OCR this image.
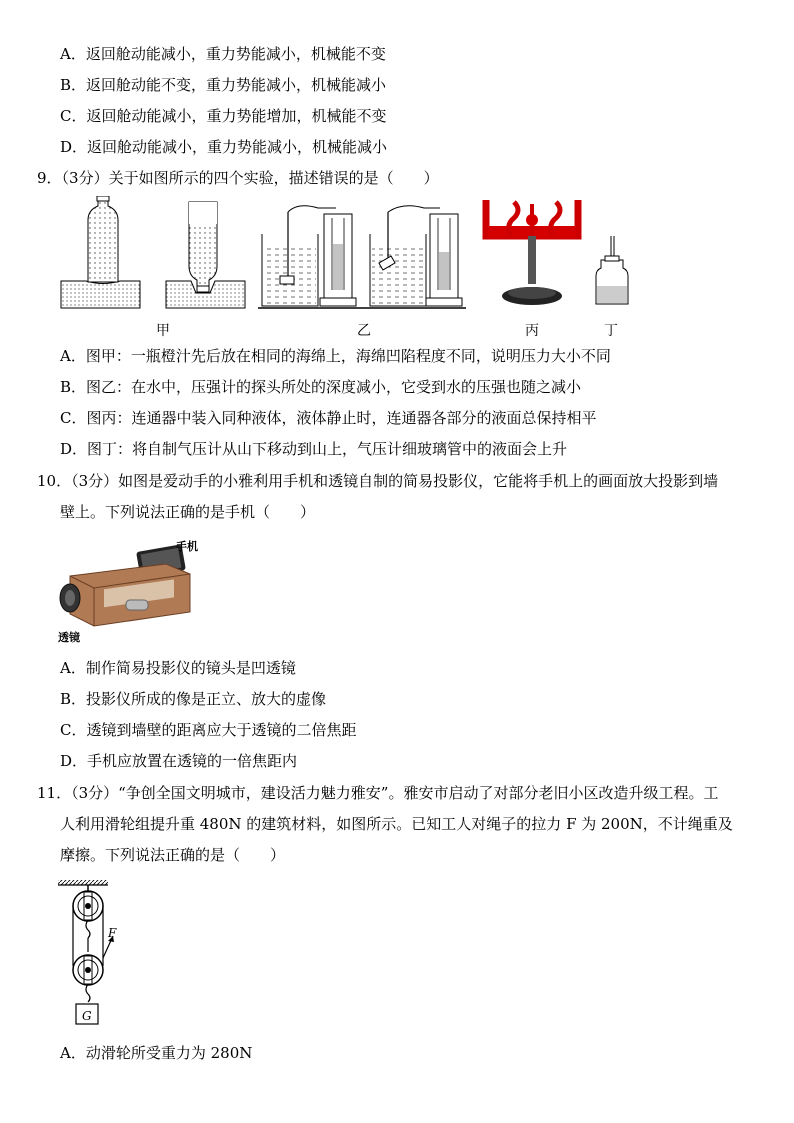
A．返回舱动能减小，重力势能减小，机械能不变
B．返回舱动能不变，重力势能减小，机械能减小
C．返回舱动能减小，重力势能增加，机械能不变
D．返回舱动能减小，重力势能减小，机械能减小
9．（3分）关于如图所示的四个实验，描述错误的是（　　）
甲	乙	丙	丁
A．图甲：一瓶橙汁先后放在相同的海绵上，海绵凹陷程度不同，说明压力大小不同
B．图乙：在水中，压强计的探头所处的深度减小，它受到水的压强也随之减小
C．图丙：连通器中装入同种液体，液体静止时，连通器各部分的液面总保持相平
D．图丁：将自制气压计从山下移动到山上，气压计细玻璃管中的液面会上升
10．（3分）如图是爱动手的小雅利用手机和透镜自制的简易投影仪，它能将手机上的画面放大投影到墙
壁上。下列说法正确的是手机（　　）
手机
透镜
A．制作简易投影仪的镜头是凹透镜
B．投影仪所成的像是正立、放大的虚像
C．透镜到墙壁的距离应大于透镜的二倍焦距
D．手机应放置在透镜的一倍焦距内
11．（3分）“争创全国文明城市，建设活力魅力雅安”。雅安市启动了对部分老旧小区改造升级工程。工
人利用滑轮组提升重 480N 的建筑材料，如图所示。已知工人对绳子的拉力 F 为 200N，不计绳重及
摩擦。下列说法正确的是（　　）
F
G
A．动滑轮所受重力为 280N
